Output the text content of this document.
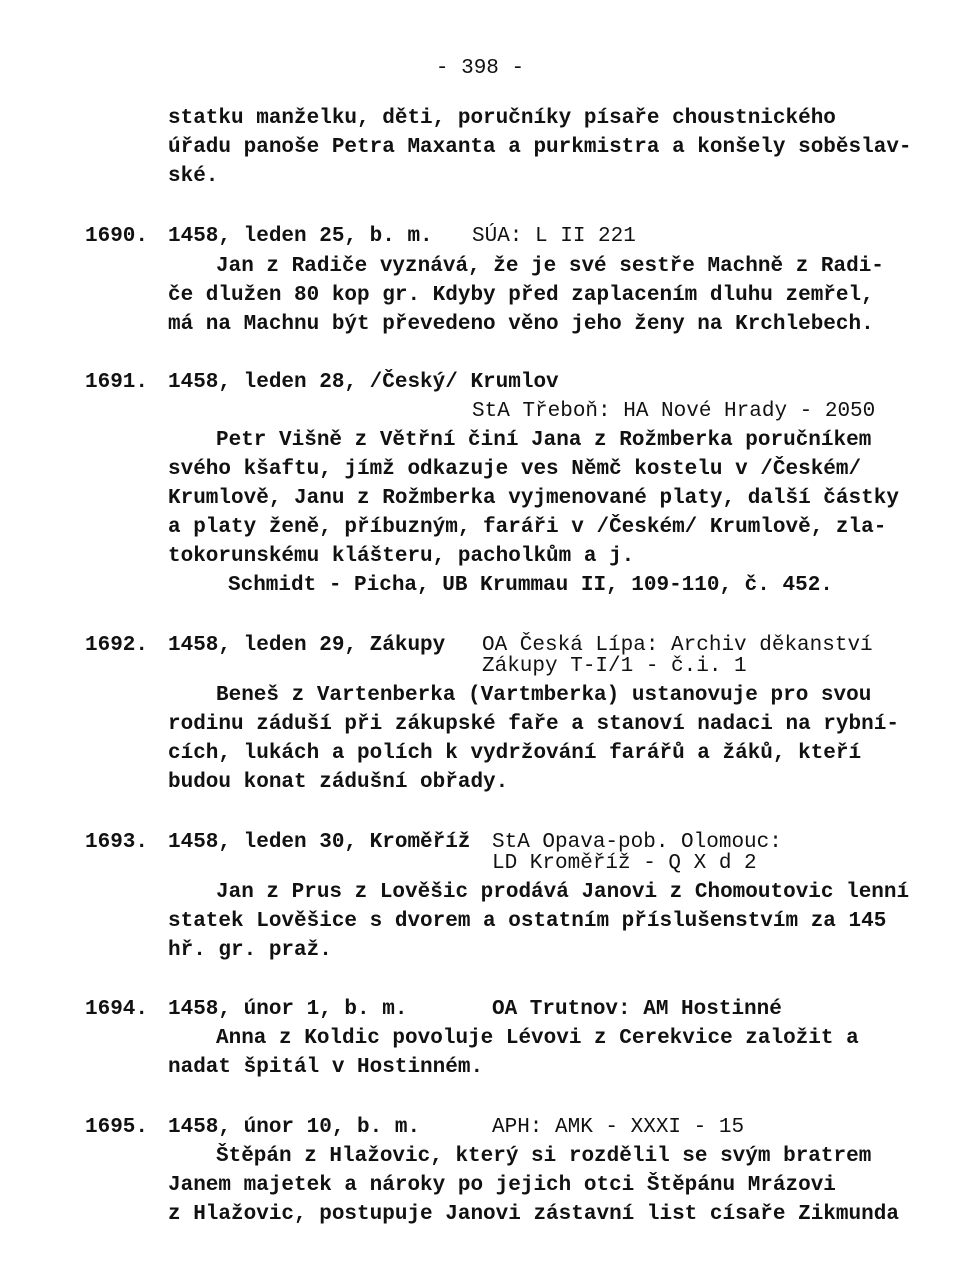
- 398 -
statku manželku, děti, poručníky písaře choustnického
úřadu panoše Petra Maxanta a purkmistra a konšely soběslav-
ské.
1690. 1458, leden 25, b. m. SÚA: L II 221
Jan z Radiče vyznává, že je své sestře Machně z Radi-
če dlužen 80 kop gr. Kdyby před zaplacením dluhu zemřel,
má na Machnu být převedeno věno jeho ženy na Krchlebech.
1691. 1458, leden 28, /Český/ Krumlov
StA Třeboň: HA Nové Hrady - 2050
Petr Višně z Větřní činí Jana z Rožmberka poručníkem
svého kšaftu, jímž odkazuje ves Němč kostelu v /Českém/
Krumlově, Janu z Rožmberka vyjmenované platy, další částky
a platy ženě, příbuzným, faráři v /Českém/ Krumlově, zla-
tokorunskému klášteru, pacholkům a j.
Schmidt - Picha, UB Krummau II, 109-110, č. 452.
1692. 1458, leden 29, Zákupy OA Česká Lípa: Archiv děkanství
Zákupy T-I/1 - č.i. 1
Beneš z Vartenberka (Vartmberka) ustanovuje pro svou
rodinu záduší při zákupské faře a stanoví nadaci na rybní-
cích, lukách a polích k vydržování farářů a žáků, kteří
budou konat zádušní obřady.
1693. 1458, leden 30, Kroměříž StA Opava-pob. Olomouc:
LD Kroměříž - Q X d 2
Jan z Prus z Lověšic prodává Janovi z Chomoutovic lenní
statek Lověšice s dvorem a ostatním příslušenstvím za 145
hř. gr. praž.
1694. 1458, únor 1, b. m.	OA Trutnov: AM Hostinné
Anna z Koldic povoluje Lévovi z Cerekvice založit a
nadat špitál v Hostinném.
1695. 1458, únor 10, b. m.	APH: AMK - XXXI - 15
Štěpán z Hlažovic, který si rozdělil se svým bratrem
Janem majetek a nároky po jejich otci Štěpánu Mrázovi
z Hlažovic, postupuje Janovi zástavní list císaře Zikmunda
